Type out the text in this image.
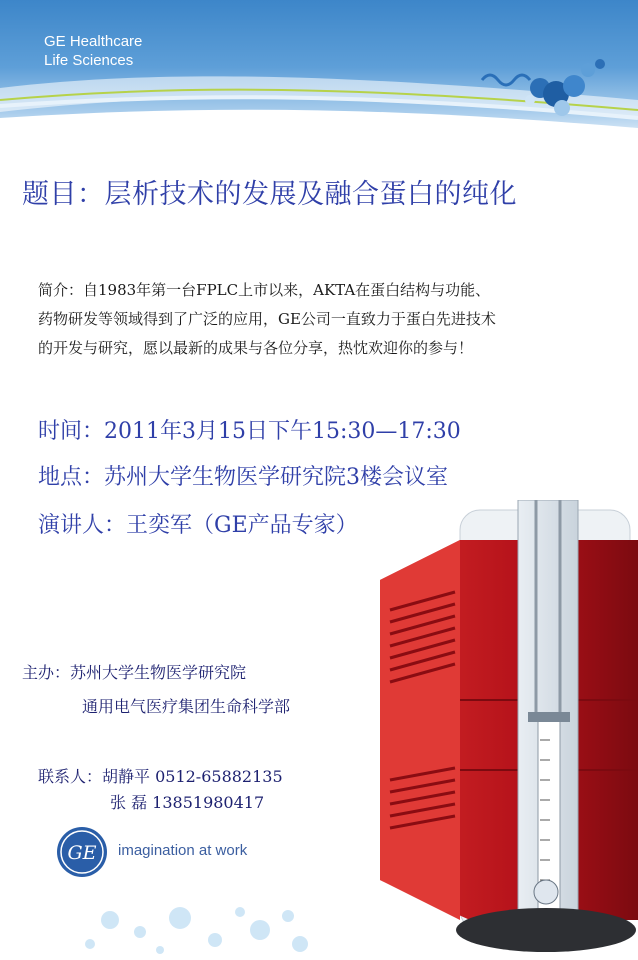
GE Healthcare
Life Sciences
题目：层析技术的发展及融合蛋白的纯化

简介：自1983年第一台FPLC上市以来，AKTA在蛋白结构与功能、

药物研发等领域得到了广泛的应用，GE公司一直致力于蛋白先进技术

的开发与研究，愿以最新的成果与各位分享，热忱欢迎你的参与！

时间：2011年3月15日下午15:30—17:30
地点：苏州大学生物医学研究院3楼会议室
演讲人：王奕军（GE产品专家）
主办：苏州大学生物医学研究院
通用电气医疗集团生命科学部
联系人：胡静平 0512-65882135
张 磊 13851980417
GE imagination at work
